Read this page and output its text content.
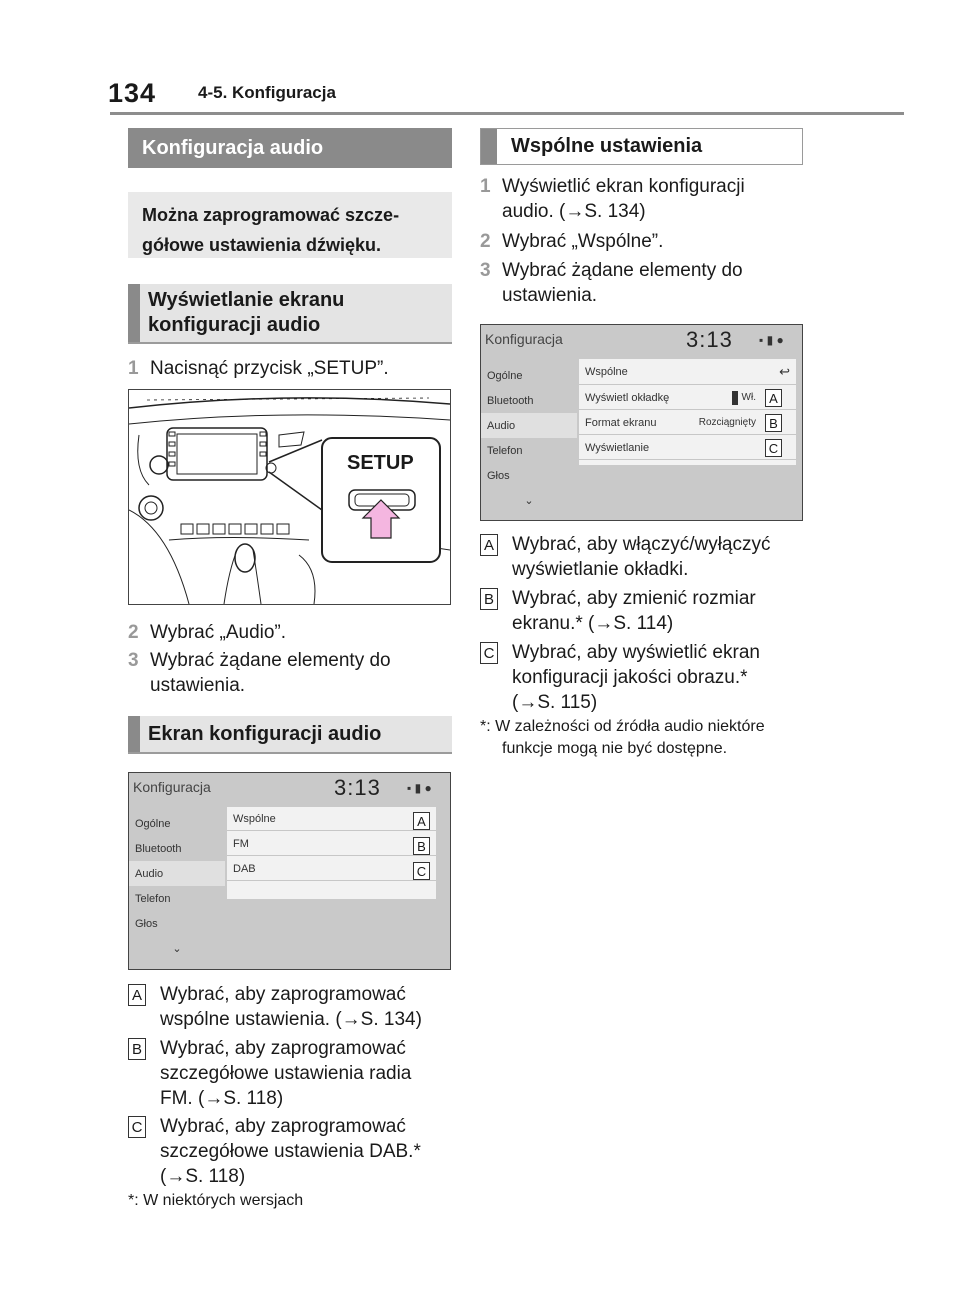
134 4-5. Konfiguracja
Konfiguracja audio
Można zaprogramować szcze-
gółowe ustawienia dźwięku.
Wyświetlanie ekranu
konfiguracji audio
1 Nacisnąć przycisk „SETUP”.
SETUP
2 Wybrać „Audio”.
3 Wybrać żądane elementy do
ustawienia.
Ekran konfiguracji audio
Konfiguracja	3:13 ▪ ▮ ●
Ogólne
Bluetooth
Audio
Telefon
Głos
⌄
Wspólne
FM
DAB
A
B
C
A Wybrać, aby zaprogramować
wspólne ustawienia. (→S. 134)
B Wybrać, aby zaprogramować
szczegółowe ustawienia radia
FM. (→S. 118)
C Wybrać, aby zaprogramować
szczegółowe ustawienia DAB.*
(→S. 118)
*: W niektórych wersjach
Wspólne ustawienia
1 Wyświetlić ekran konfiguracji
audio. (→S. 134)
2 Wybrać „Wspólne”.
3 Wybrać żądane elementy do
ustawienia.
Konfiguracja	3:13 ▪ ▮ ●
Ogólne
Bluetooth
Audio
Telefon
Głos
⌄
Wspólne	↩
Wyświetl okładkę	Wł.
Format ekranu	Rozciągnięty
Wyświetlanie
A
B
C
A Wybrać, aby włączyć/wyłączyć
wyświetlanie okładki.
B Wybrać, aby zmienić rozmiar
ekranu.* (→S. 114)
C Wybrać, aby wyświetlić ekran
konfiguracji jakości obrazu.*
(→S. 115)
*: W zależności od źródła audio niektóre
funkcje mogą nie być dostępne.
